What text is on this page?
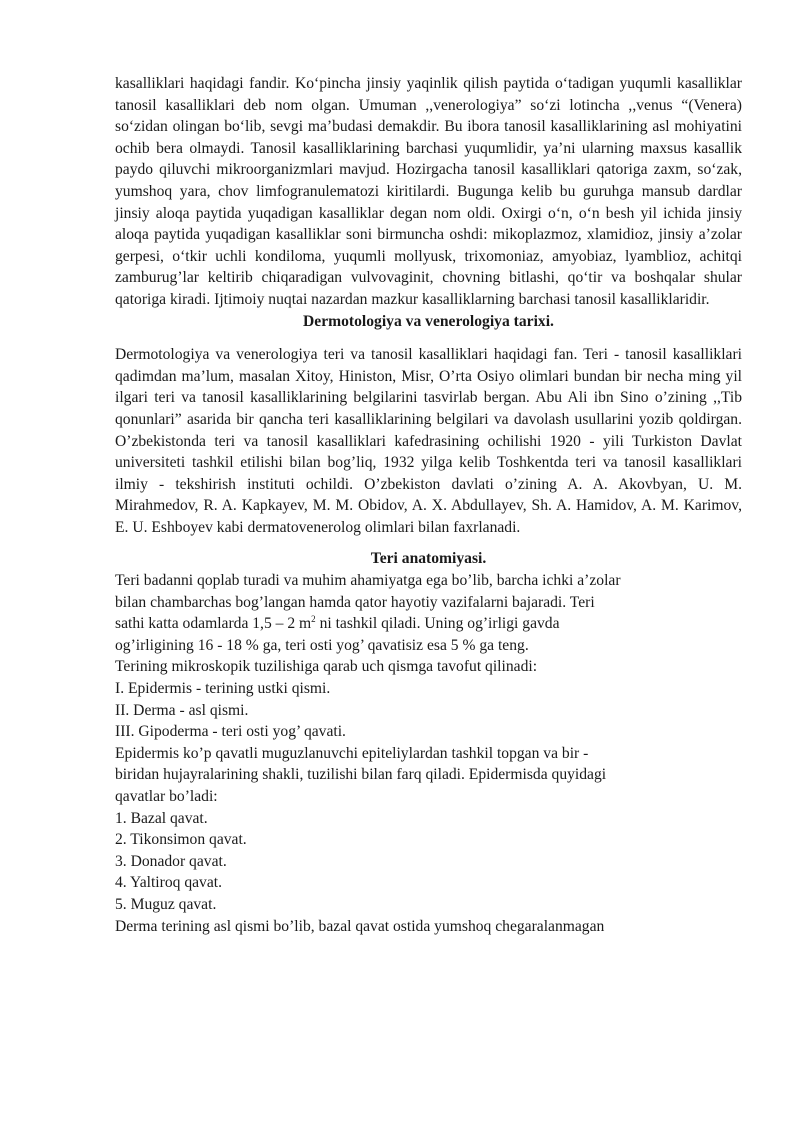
kasalliklari haqidagi fandir. Ko‘pincha jinsiy yaqinlik qilish paytida o‘tadigan yuqumli kasalliklar tanosil kasalliklari deb nom olgan. Umuman ,,venerologiya” so‘zi lotincha ,,venus “(Venera) so‘zidan olingan bo‘lib, sevgi ma’budasi demakdir. Bu ibora tanosil kasalliklarining asl mohiyatini ochib bera olmaydi. Tanosil kasalliklarining barchasi yuqumlidir, ya’ni ularning maxsus kasallik paydo qiluvchi mikroorganizmlari mavjud. Hozirgacha tanosil kasalliklari qatoriga zaxm, so‘zak, yumshoq yara, chov limfogranulematozi kiritilardi. Bugunga kelib bu guruhga mansub dardlar jinsiy aloqa paytida yuqadigan kasalliklar degan nom oldi. Oxirgi o‘n, o‘n besh yil ichida jinsiy aloqa paytida yuqadigan kasalliklar soni birmuncha oshdi: mikoplazmoz, xlamidioz, jinsiy a’zolar gerpesi, o‘tkir uchli kondiloma, yuqumli mollyusk, trixomoniaz, amyobiaz, lyamblioz, achitqi zamburug’lar keltirib chiqaradigan vulvovaginit, chovning bitlashi, qo‘tir va boshqalar shular qatoriga kiradi. Ijtimoiy nuqtai nazardan mazkur kasalliklarning barchasi tanosil kasalliklaridir.

Dermotologiya va venerologiya tarixi.

Dermotologiya va venerologiya teri va tanosil kasalliklari haqidagi fan. Teri - tanosil kasalliklari qadimdan ma’lum, masalan Xitoy, Hiniston, Misr, O’rta Osiyo olimlari bundan bir necha ming yil ilgari teri va tanosil kasalliklarining belgilarini tasvirlab bergan. Abu Ali ibn Sino o’zining ,,Tib qonunlari” asarida bir qancha teri kasalliklarining belgilari va davolash usullarini yozib qoldirgan. O’zbekistonda teri va tanosil kasalliklari kafedrasining ochilishi 1920 - yili Turkiston Davlat universiteti tashkil etilishi bilan bog’liq, 1932 yilga kelib Toshkentda teri va tanosil kasalliklari ilmiy - tekshirish instituti ochildi. O’zbekiston davlati o’zining A. A. Akovbyan, U. M. Mirahmedov, R. A. Kapkayev, M. M. Obidov, A. X. Abdullayev, Sh. A. Hamidov, A. M. Karimov, E. U. Eshboyev kabi dermatovenerolog olimlari bilan faxrlanadi.

Teri anatomiyasi.

Teri badanni qoplab turadi va muhim ahamiyatga ega bo’lib, barcha ichki a’zolar
bilan chambarchas bog’langan hamda qator hayotiy vazifalarni bajaradi. Teri
sathi katta odamlarda 1,5 – 2 $m^2$ ni tashkil qiladi. Uning og’irligi gavda
og’irligining 16 - 18 % ga, teri osti yog’ qavatisiz esa 5 % ga teng.
Terining mikroskopik tuzilishiga qarab uch qismga tavofut qilinadi:
I. Epidermis - terining ustki qismi.
II. Derma - asl qismi.
III. Gipoderma - teri osti yog’ qavati.
Epidermis ko’p qavatli muguzlanuvchi epiteliylardan tashkil topgan va bir -
biridan hujayralarining shakli, tuzilishi bilan farq qiladi. Epidermisda quyidagi
qavatlar bo’ladi:
1. Bazal qavat.
2. Tikonsimon qavat.
3. Donador qavat.
4. Yaltiroq qavat.
5. Muguz qavat.
Derma terining asl qismi bo’lib, bazal qavat ostida yumshoq chegaralanmagan
